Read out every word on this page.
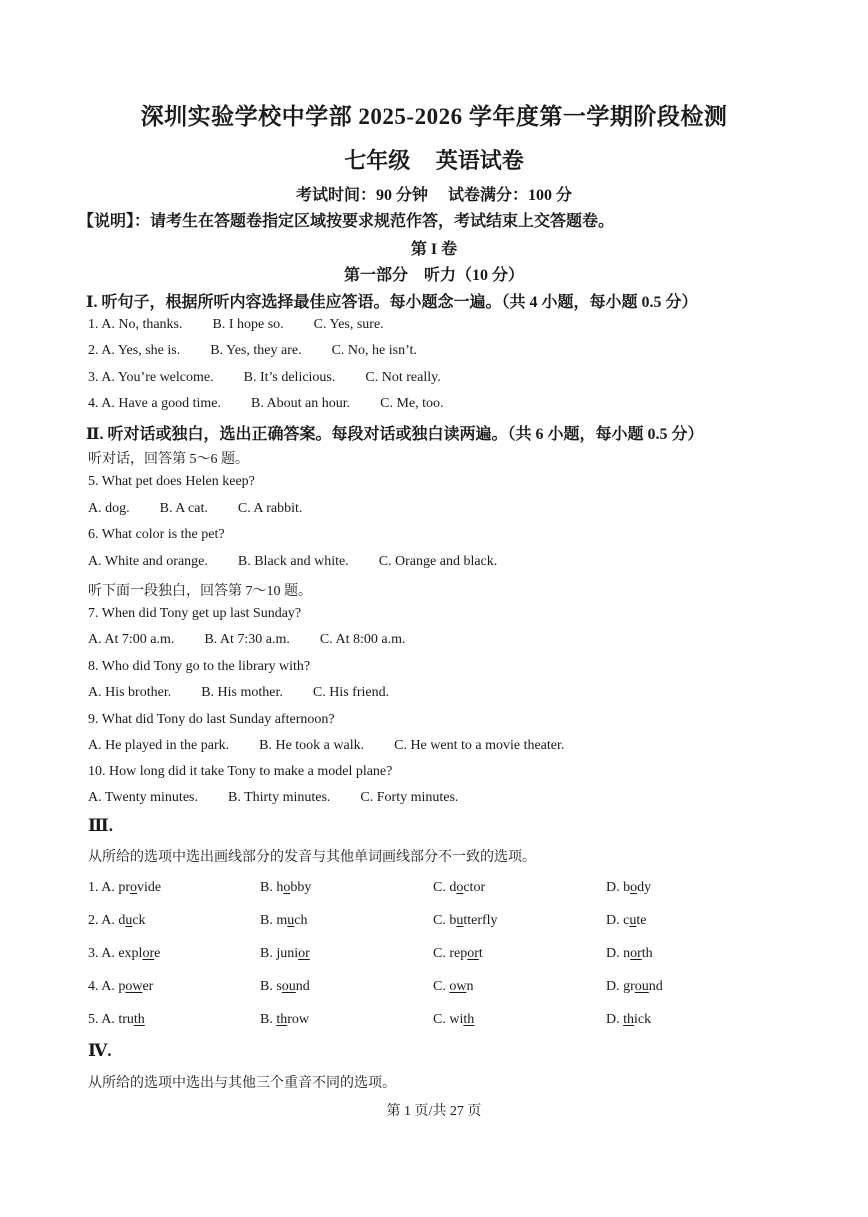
深圳实验学校中学部 2025-2026 学年度第一学期阶段检测
七年级 英语试卷
考试时间：90 分钟 试卷满分：100 分
【说明】：请考生在答题卷指定区域按要求规范作答，考试结束上交答题卷。
第 I 卷
第一部分 听力（10 分）
Ⅰ. 听句子，根据所听内容选择最佳应答语。每小题念一遍。（共 4 小题，每小题 0.5 分）
1. A. No, thanks. B. I hope so. C. Yes, sure.
2. A. Yes, she is. B. Yes, they are. C. No, he isn’t.
3. A. You’re welcome. B. It’s delicious. C. Not really.
4. A. Have a good time. B. About an hour. C. Me, too.
Ⅱ. 听对话或独白，选出正确答案。每段对话或独白读两遍。（共 6 小题，每小题 0.5 分）
听对话，回答第 5～6 题。
5. What pet does Helen keep?
A. dog. B. A cat. C. A rabbit.
6. What color is the pet?
A. White and orange. B. Black and white. C. Orange and black.
听下面一段独白，回答第 7～10 题。
7. When did Tony get up last Sunday?
A. At 7:00 a.m. B. At 7:30 a.m. C. At 8:00 a.m.
8. Who did Tony go to the library with?
A. His brother. B. His mother. C. His friend.
9. What did Tony do last Sunday afternoon?
A. He played in the park. B. He took a walk. C. He went to a movie theater.
10. How long did it take Tony to make a model plane?
A. Twenty minutes. B. Thirty minutes. C. Forty minutes.
Ⅲ.
从所给的选项中选出画线部分的发音与其他单词画线部分不一致的选项。
1. A. provide	B. hobby	C. doctor	D. body
2. A. duck	B. much	C. butterfly	D. cute
3. A. explore	B. junior	C. report	D. north
4. A. power	B. sound	C. own	D. ground
5. A. truth	B. throw	C. with	D. thick
Ⅳ.
从所给的选项中选出与其他三个重音不同的选项。
第 1 页/共 27 页
